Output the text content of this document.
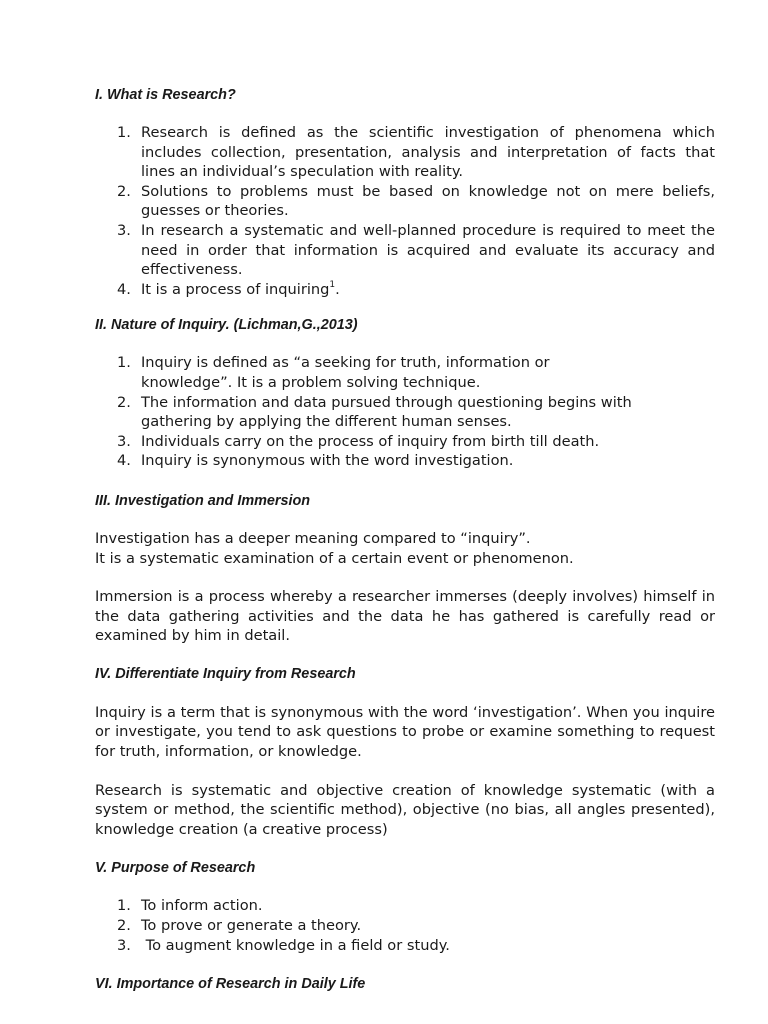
I. What is Research?
1. Research is defined as the scientific investigation of phenomena which includes collection, presentation, analysis and interpretation of facts that lines an individual’s speculation with reality.
2. Solutions to problems must be based on knowledge not on mere beliefs, guesses or theories.
3. In research a systematic and well-planned procedure is required to meet the need in order that information is acquired and evaluate its accuracy and effectiveness.
4. It is a process of inquiring$^1$.
II. Nature of Inquiry. (Lichman,G.,2013)
1. Inquiry is defined as “a seeking for truth, information or
knowledge”. It is a problem solving technique.
2. The information and data pursued through questioning begins with
gathering by applying the different human senses.
3. Individuals carry on the process of inquiry from birth till death.
4. Inquiry is synonymous with the word investigation.
III. Investigation and Immersion

Investigation has a deeper meaning compared to “inquiry”.
It is a systematic examination of a certain event or phenomenon.

Immersion is a process whereby a researcher immerses (deeply involves) himself in the data gathering activities and the data he has gathered is carefully read or examined by him in detail.

IV. Differentiate Inquiry from Research

Inquiry is a term that is synonymous with the word ‘investigation’. When you inquire or investigate, you tend to ask questions to probe or examine something to request for truth, information, or knowledge.

Research is systematic and objective creation of knowledge systematic (with a system or method, the scientific method), objective (no bias, all angles presented), knowledge creation (a creative process)

V. Purpose of Research
1. To inform action.
2. To prove or generate a theory.
3. To augment knowledge in a field or study.
VI. Importance of Research in Daily Life
